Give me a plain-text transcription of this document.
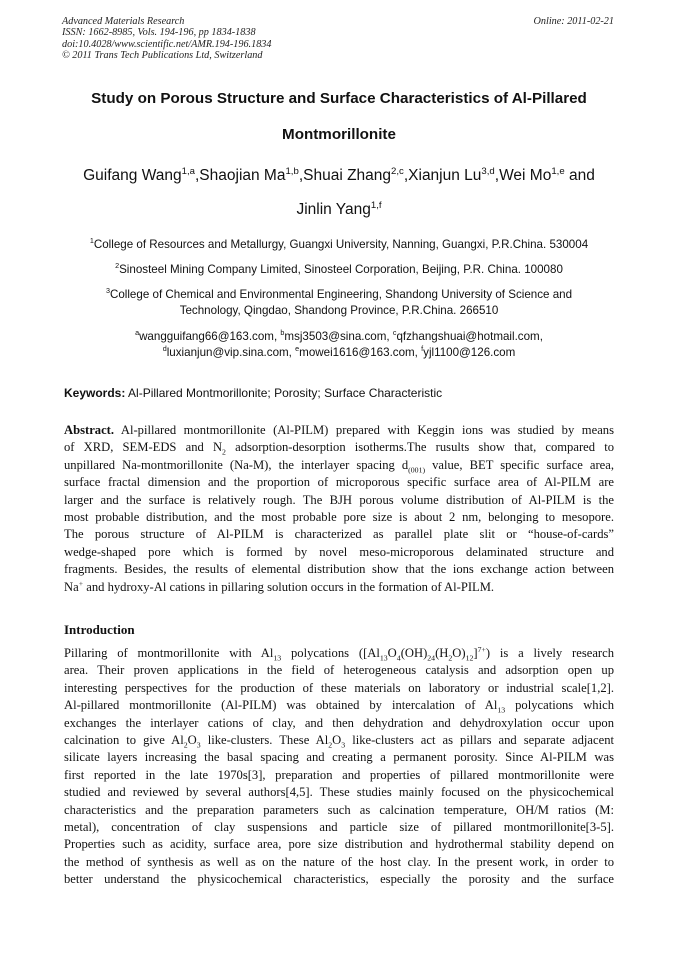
Advanced Materials Research
ISSN: 1662-8985, Vols. 194-196, pp 1834-1838
doi:10.4028/www.scientific.net/AMR.194-196.1834
© 2011 Trans Tech Publications Ltd, Switzerland
Online: 2011-02-21
Study on Porous Structure and Surface Characteristics of Al-Pillared
Montmorillonite
Guifang Wang$^{1,a}$,Shaojian Ma$^{1,b}$,Shuai Zhang$^{2,c}$,Xianjun Lu$^{3,d}$,Wei Mo$^{1,e}$ and
Jinlin Yang$^{1,f}$
$^1$College of Resources and Metallurgy, Guangxi University, Nanning, Guangxi, P.R.China. 530004
$^2$Sinosteel Mining Company Limited, Sinosteel Corporation, Beijing, P.R. China. 100080
$^3$College of Chemical and Environmental Engineering, Shandong University of Science and
Technology, Qingdao, Shandong Province, P.R.China. 266510
$^a$wangguifang66@163.com, $^b$msj3503@sina.com, $^c$qfzhangshuai@hotmail.com,
$^d$luxianjun@vip.sina.com, $^e$mowei1616@163.com, $^f$yjl1100@126.com
Keywords: Al-Pillared Montmorillonite; Porosity; Surface Characteristic
Abstract. Al-pillared montmorillonite (Al-PILM) prepared with Keggin ions was studied by means
of XRD, SEM-EDS and $N_2$ adsorption-desorption isotherms.The rusults show that, compared to
unpillared Na-montmorillonite (Na-M), the interlayer spacing $d_{(001)}$ value, BET specific surface area,
surface fractal dimension and the proportion of microporous specific surface area of Al-PILM are
larger and the surface is relatively rough. The BJH porous volume distribution of Al-PILM is the
most probable distribution, and the most probable pore size is about 2 nm, belonging to mesopore.
The porous structure of Al-PILM is characterized as parallel plate slit or “house-of-cards”
wedge-shaped pore which is formed by novel meso-microporous delaminated structure and
fragments. Besides, the results of elemental distribution show that the ions exchange action between
Na+ and hydroxy-Al cations in pillaring solution occurs in the formation of Al-PILM.
Introduction
Pillaring of montmorillonite with $Al_{13}$ polycations $([Al_{13}O_4(OH)_{24}(H_2O)_{12}]^{7+})$ is a lively research
area. Their proven applications in the field of heterogeneous catalysis and adsorption open up
interesting perspectives for the production of these materials on laboratory or industrial scale[1,2].
Al-pillared montmorillonite (Al-PILM) was obtained by intercalation of $Al_{13}$ polycations which
exchanges the interlayer cations of clay, and then dehydration and dehydroxylation occur upon
calcination to give $Al_2O_3$ like-clusters. These $Al_2O_3$ like-clusters act as pillars and separate adjacent
silicate layers increasing the basal spacing and creating a permanent porosity. Since Al-PILM was
first reported in the late 1970s[3], preparation and properties of pillared montmorillonite were
studied and reviewed by several authors[4,5]. These studies mainly focused on the physicochemical
characteristics and the preparation parameters such as calcination temperature, OH/M ratios (M:
metal), concentration of clay suspensions and particle size of pillared montmorillonite[3-5].
Properties such as acidity, surface area, pore size distribution and hydrothermal stability depend on
the method of synthesis as well as on the nature of the host clay. In the present work, in order to
better understand the physicochemical characteristics, especially the porosity and the surface
